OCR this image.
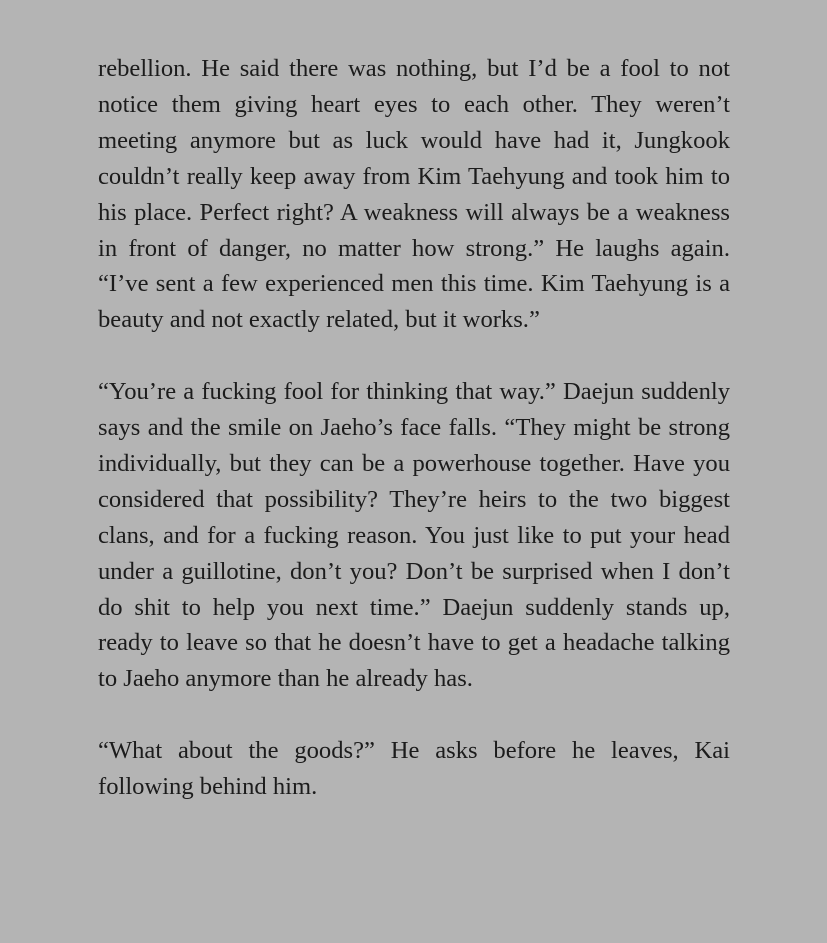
rebellion. He said there was nothing, but I’d be a fool to not notice them giving heart eyes to each other. They weren’t meeting anymore but as luck would have had it, Jungkook couldn’t really keep away from Kim Taehyung and took him to his place. Perfect right? A weakness will always be a weakness in front of danger, no matter how strong.” He laughs again. “I’ve sent a few experienced men this time. Kim Taehyung is a beauty and not exactly related, but it works.”

“You’re a fucking fool for thinking that way.” Daejun suddenly says and the smile on Jaeho’s face falls. “They might be strong individually, but they can be a powerhouse together. Have you considered that possibility? They’re heirs to the two biggest clans, and for a fucking reason. You just like to put your head under a guillotine, don’t you? Don’t be surprised when I don’t do shit to help you next time.” Daejun suddenly stands up, ready to leave so that he doesn’t have to get a headache talking to Jaeho anymore than he already has.

“What about the goods?” He asks before he leaves, Kai following behind him.
